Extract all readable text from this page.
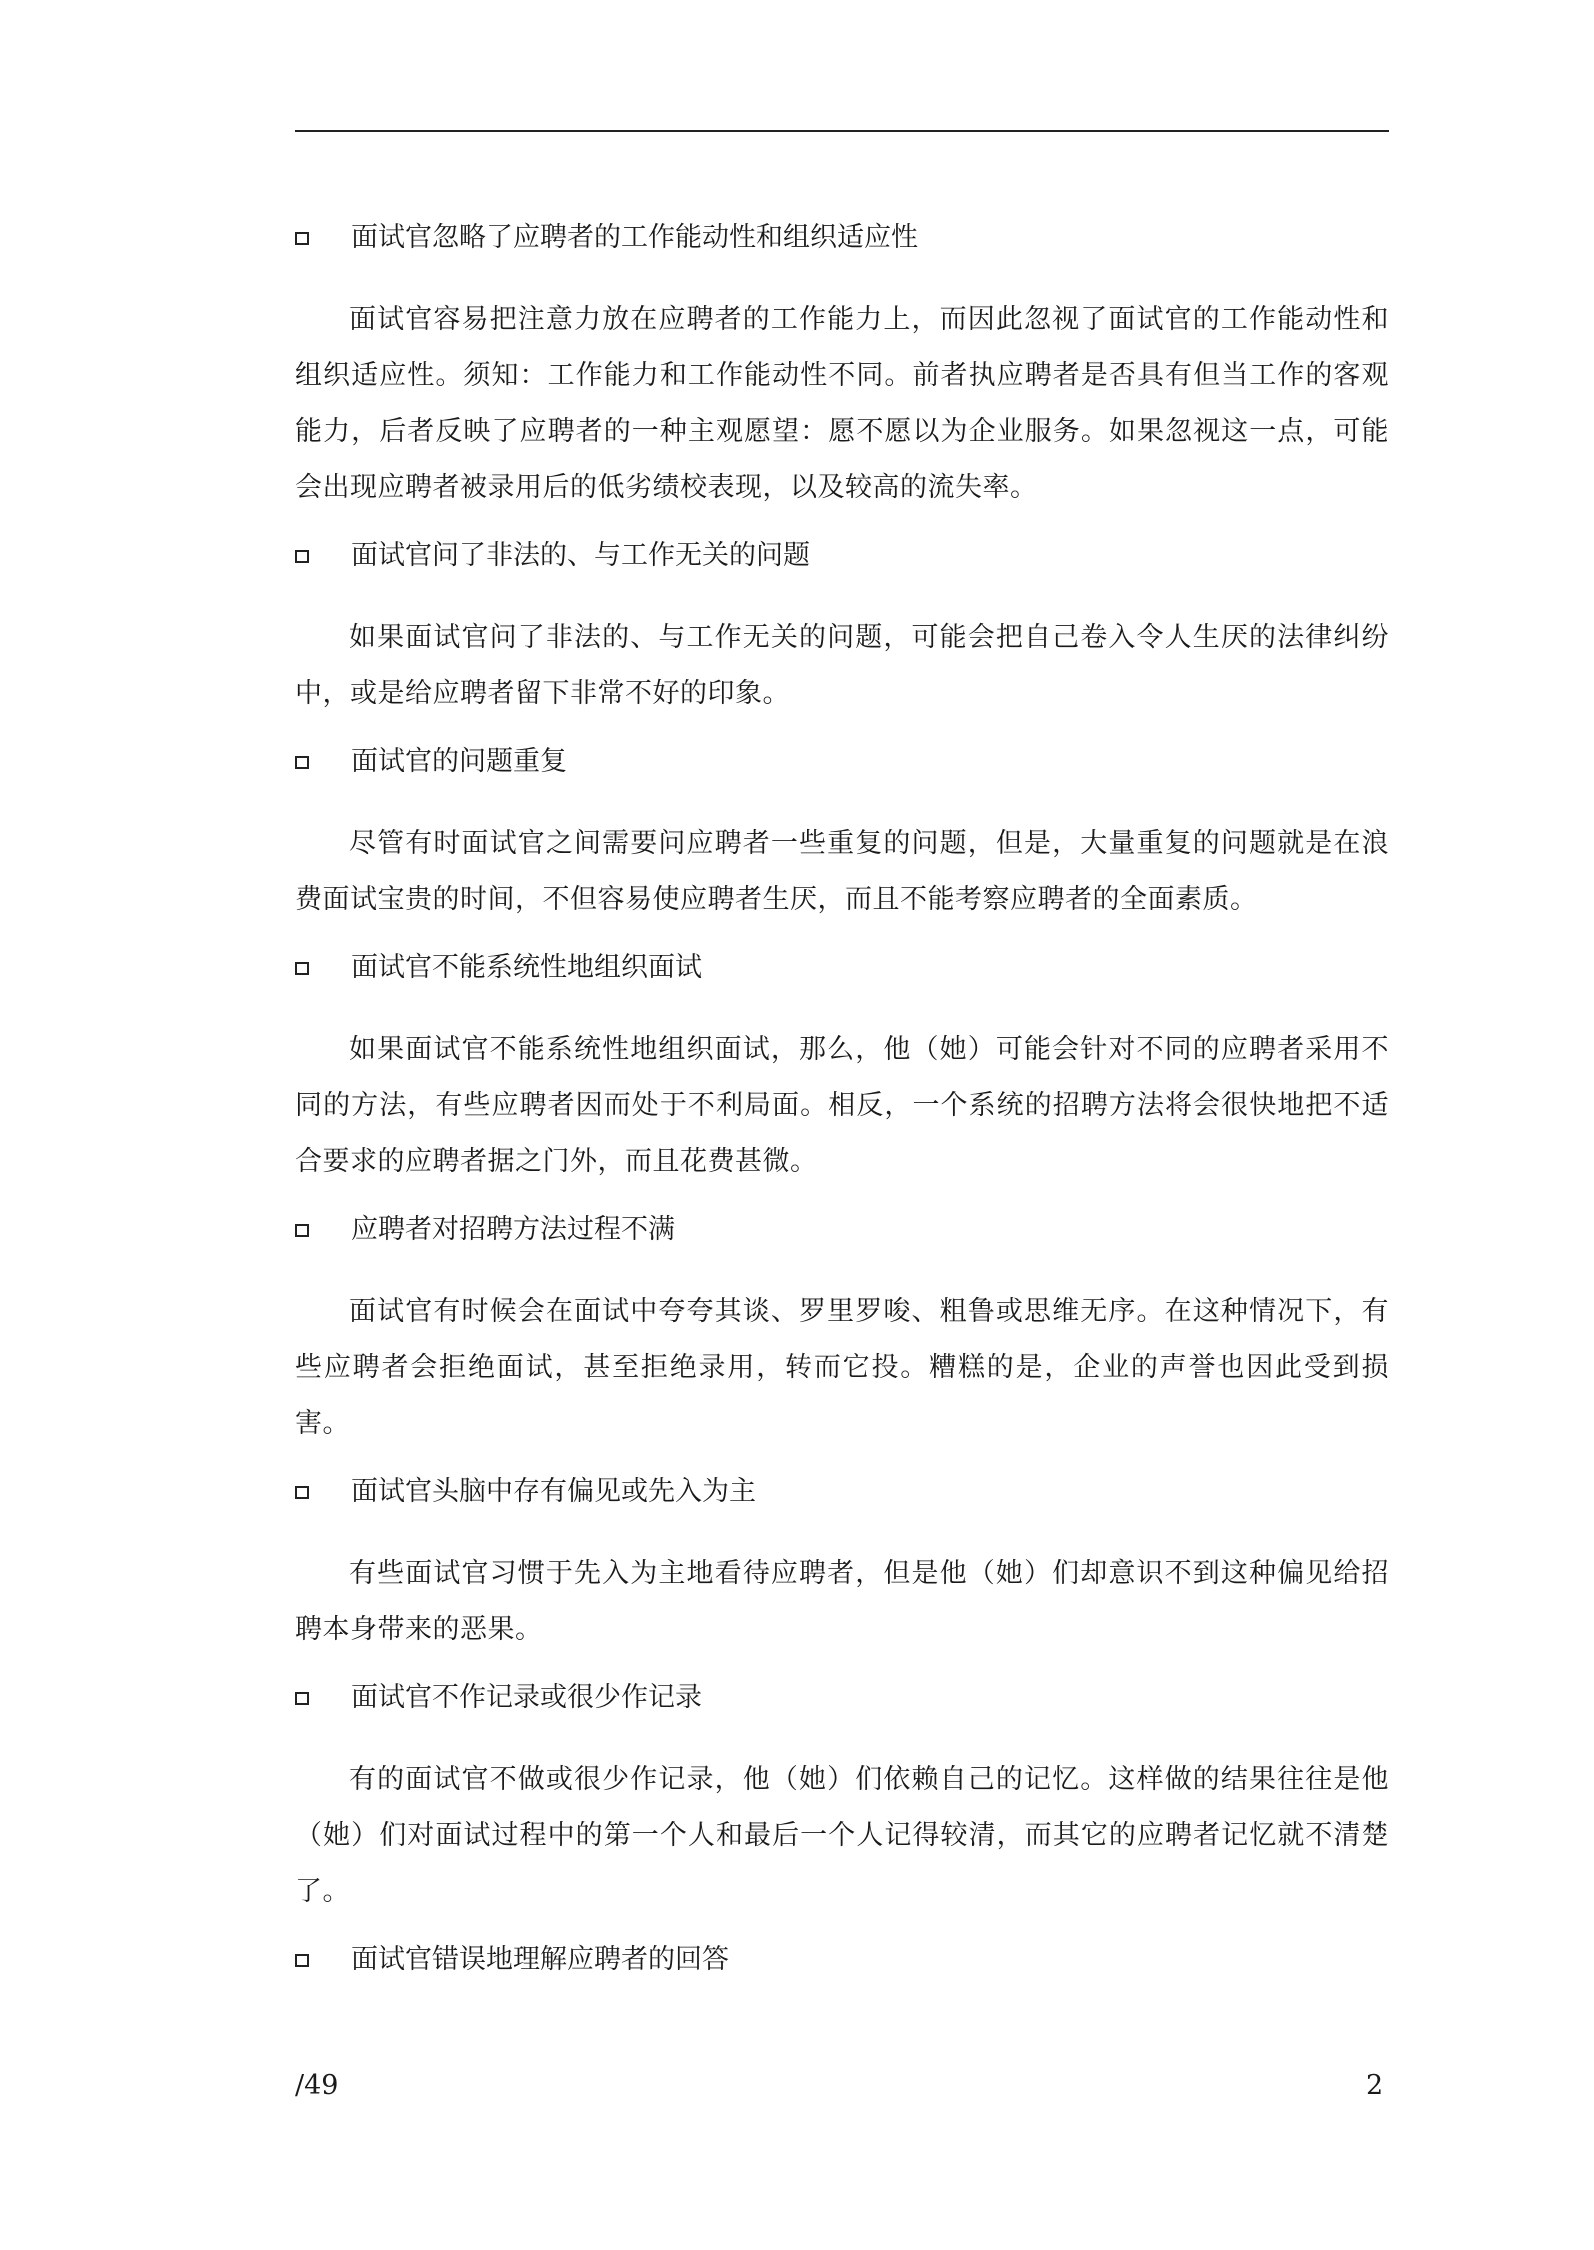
面试官忽略了应聘者的工作能动性和组织适应性

面试官容易把注意力放在应聘者的工作能力上，而因此忽视了面试官的工作能动性和组织适应性。须知：工作能力和工作能动性不同。前者执应聘者是否具有但当工作的客观能力，后者反映了应聘者的一种主观愿望：愿不愿以为企业服务。如果忽视这一点，可能会出现应聘者被录用后的低劣绩校表现，以及较高的流失率。

面试官问了非法的、与工作无关的问题

如果面试官问了非法的、与工作无关的问题，可能会把自己卷入令人生厌的法律纠纷中，或是给应聘者留下非常不好的印象。

面试官的问题重复

尽管有时面试官之间需要问应聘者一些重复的问题，但是，大量重复的问题就是在浪费面试宝贵的时间，不但容易使应聘者生厌，而且不能考察应聘者的全面素质。

面试官不能系统性地组织面试

如果面试官不能系统性地组织面试，那么，他（她）可能会针对不同的应聘者采用不同的方法，有些应聘者因而处于不利局面。相反，一个系统的招聘方法将会很快地把不适合要求的应聘者据之门外，而且花费甚微。

应聘者对招聘方法过程不满

面试官有时候会在面试中夸夸其谈、罗里罗唆、粗鲁或思维无序。在这种情况下，有些应聘者会拒绝面试，甚至拒绝录用，转而它投。糟糕的是，企业的声誉也因此受到损害。

面试官头脑中存有偏见或先入为主

有些面试官习惯于先入为主地看待应聘者，但是他（她）们却意识不到这种偏见给招聘本身带来的恶果。

面试官不作记录或很少作记录

有的面试官不做或很少作记录，他（她）们依赖自己的记忆。这样做的结果往往是他（她）们对面试过程中的第一个人和最后一个人记得较清，而其它的应聘者记忆就不清楚了。

面试官错误地理解应聘者的回答
/49	2
